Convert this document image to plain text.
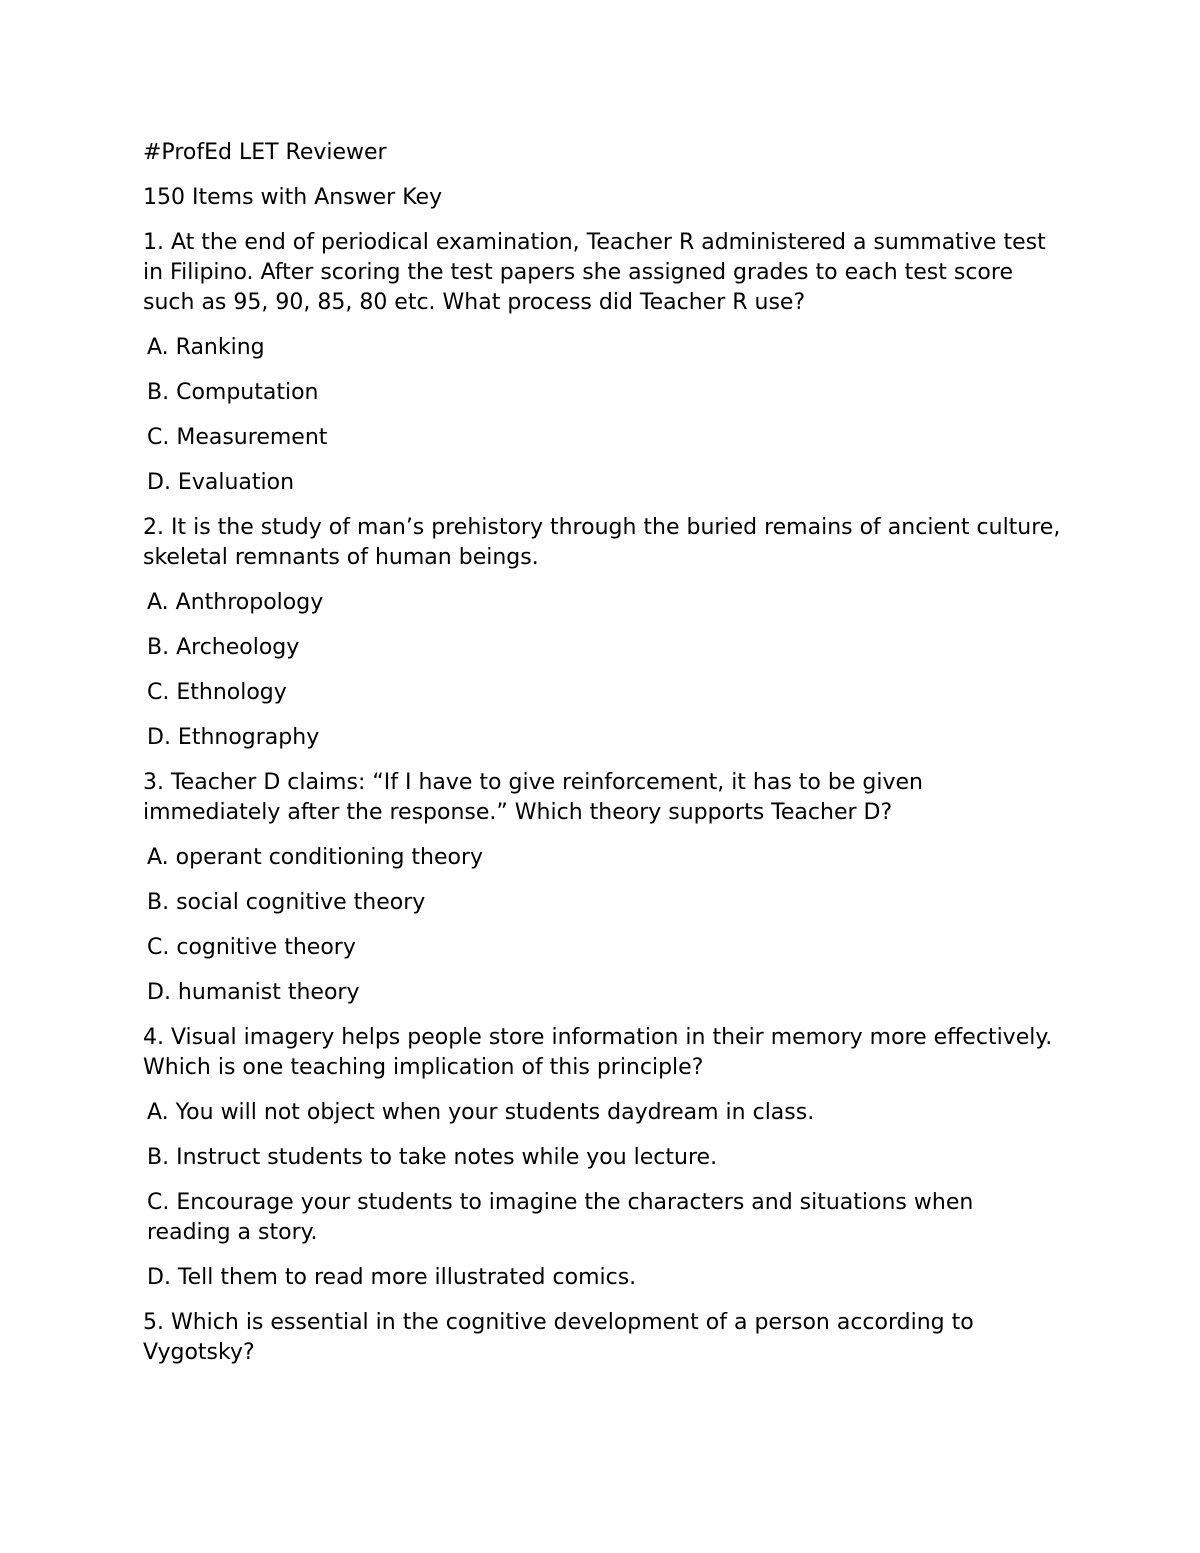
#ProfEd LET Reviewer

150 Items with Answer Key

1. At the end of periodical examination, Teacher R administered a summative test in Filipino. After scoring the test papers she assigned grades to each test score such as 95, 90, 85, 80 etc. What process did Teacher R use?

A. Ranking

B. Computation

C. Measurement

D. Evaluation

2. It is the study of man’s prehistory through the buried remains of ancient culture, skeletal remnants of human beings.

A. Anthropology

B. Archeology

C. Ethnology

D. Ethnography

3. Teacher D claims: “If I have to give reinforcement, it has to be given immediately after the response.” Which theory supports Teacher D?

A. operant conditioning theory

B. social cognitive theory

C. cognitive theory

D. humanist theory

4. Visual imagery helps people store information in their memory more effectively. Which is one teaching implication of this principle?

A. You will not object when your students daydream in class.

B. Instruct students to take notes while you lecture.

C. Encourage your students to imagine the characters and situations when reading a story.

D. Tell them to read more illustrated comics.

5. Which is essential in the cognitive development of a person according to Vygotsky?
